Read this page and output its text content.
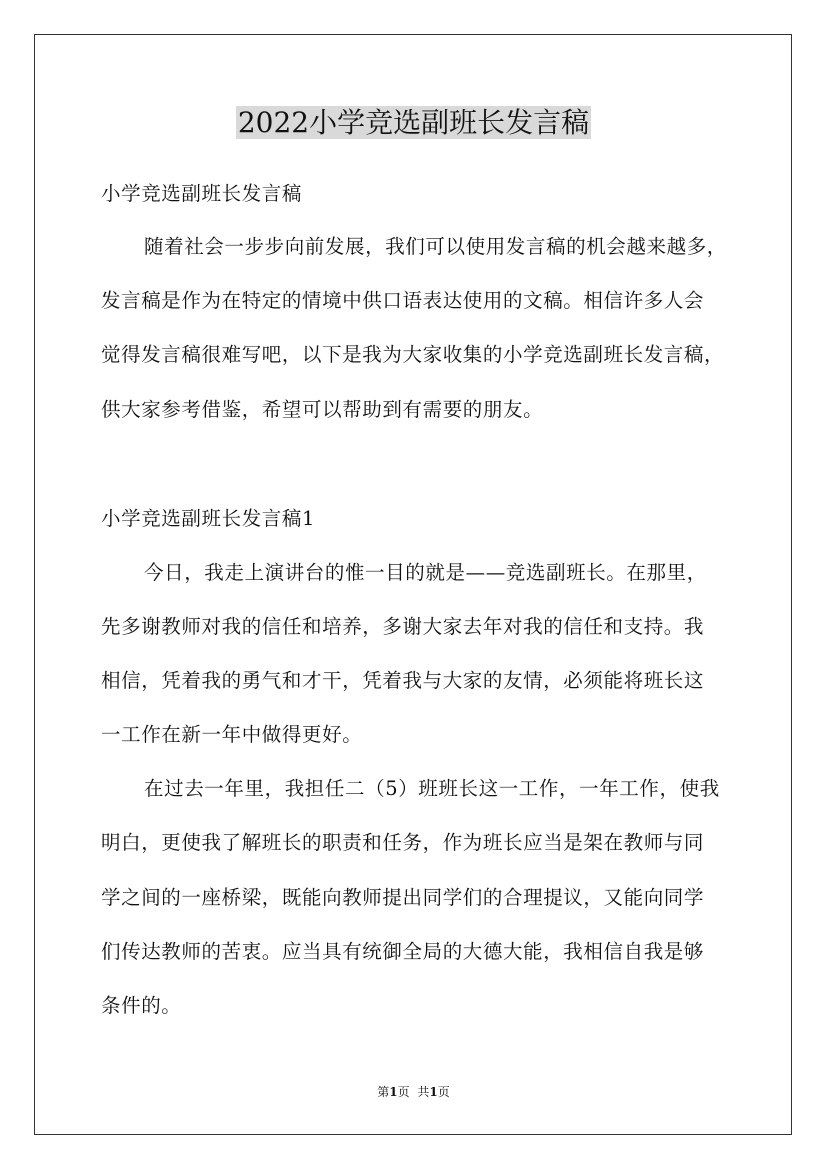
2022小学竞选副班长发言稿

小学竞选副班长发言稿

随着社会一步步向前发展，我们可以使用发言稿的机会越来越多，

发言稿是作为在特定的情境中供口语表达使用的文稿。相信许多人会

觉得发言稿很难写吧，以下是我为大家收集的小学竞选副班长发言稿，

供大家参考借鉴，希望可以帮助到有需要的朋友。

小学竞选副班长发言稿1

今日，我走上演讲台的惟一目的就是——竞选副班长。在那里，

先多谢教师对我的信任和培养，多谢大家去年对我的信任和支持。我

相信，凭着我的勇气和才干，凭着我与大家的友情，必须能将班长这

一工作在新一年中做得更好。

在过去一年里，我担任二（5）班班长这一工作，一年工作，使我

明白，更使我了解班长的职责和任务，作为班长应当是架在教师与同

学之间的一座桥梁，既能向教师提出同学们的合理提议，又能向同学

们传达教师的苦衷。应当具有统御全局的大德大能，我相信自我是够

条件的。

第1页 共1页
